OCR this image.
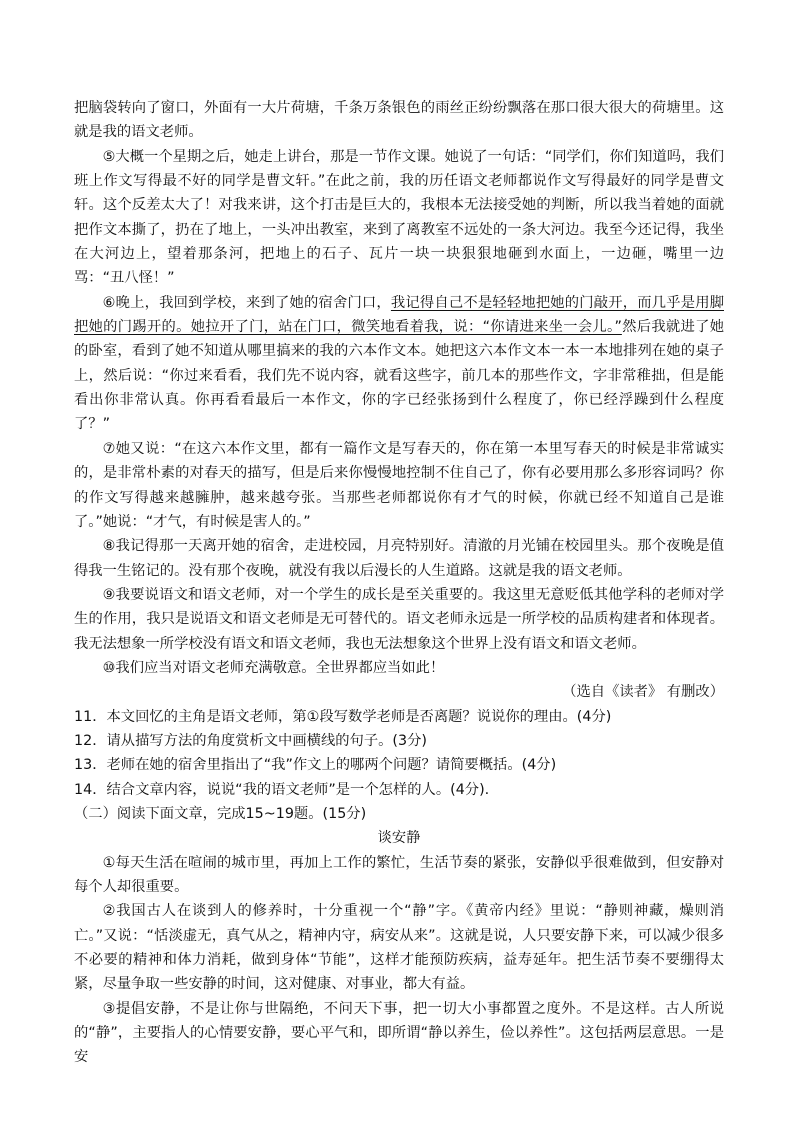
把脑袋转向了窗口，外面有一大片荷塘，千条万条银色的雨丝正纷纷飘落在那口很大很大的荷塘里。这就是我的语文老师。

⑤大概一个星期之后，她走上讲台，那是一节作文课。她说了一句话：“同学们，你们知道吗，我们班上作文写得最不好的同学是曹文轩。”在此之前，我的历任语文老师都说作文写得最好的同学是曹文轩。这个反差太大了！对我来讲，这个打击是巨大的，我根本无法接受她的判断，所以我当着她的面就把作文本撕了，扔在了地上，一头冲出教室，来到了离教室不远处的一条大河边。我至今还记得，我坐在大河边上，望着那条河，把地上的石子、瓦片一块一块狠狠地砸到水面上，一边砸，嘴里一边骂：“丑八怪！”

⑥晚上，我回到学校，来到了她的宿舍门口，我记得自己不是轻轻地把她的门敲开，而几乎是用脚把她的门踢开的。她拉开了门，站在门口，微笑地看着我，说：“你请进来坐一会儿。”然后我就进了她的卧室，看到了她不知道从哪里搞来的我的六本作文本。她把这六本作文本一本一本地排列在她的桌子上，然后说：“你过来看看，我们先不说内容，就看这些字，前几本的那些作文，字非常稚拙，但是能看出你非常认真。你再看看最后一本作文，你的字已经张扬到什么程度了，你已经浮躁到什么程度了？”

⑦她又说：“在这六本作文里，都有一篇作文是写春天的，你在第一本里写春天的时候是非常诚实的，是非常朴素的对春天的描写，但是后来你慢慢地控制不住自己了，你有必要用那么多形容词吗？你的作文写得越来越臃肿，越来越夸张。当那些老师都说你有才气的时候，你就已经不知道自己是谁了。”她说：“才气，有时候是害人的。”

⑧我记得那一天离开她的宿舍，走进校园，月亮特别好。清澈的月光铺在校园里头。那个夜晚是值得我一生铭记的。没有那个夜晚，就没有我以后漫长的人生道路。这就是我的语文老师。

⑨我要说语文和语文老师，对一个学生的成长是至关重要的。我这里无意贬低其他学科的老师对学生的作用，我只是说语文和语文老师是无可替代的。语文老师永远是一所学校的品质构建者和体现者。我无法想象一所学校没有语文和语文老师，我也无法想象这个世界上没有语文和语文老师。

⑩我们应当对语文老师充满敬意。全世界都应当如此！

（选自《读者》 有删改）

11．本文回忆的主角是语文老师，第①段写数学老师是否离题？说说你的理由。(4分)

12．请从描写方法的角度赏析文中画横线的句子。(3分)

13．老师在她的宿舍里指出了“我”作文上的哪两个问题？请简要概括。(4分)

14．结合文章内容，说说“我的语文老师”是一个怎样的人。(4分).

（二）阅读下面文章，完成15~19题。(15分)

谈安静

①每天生活在喧闹的城市里，再加上工作的繁忙，生活节奏的紧张，安静似乎很难做到，但安静对每个人却很重要。

②我国古人在谈到人的修养时，十分重视一个“静”字。《黄帝内经》里说：“静则神藏，燥则消亡。”又说：“恬淡虚无，真气从之，精神内守，病安从来”。这就是说，人只要安静下来，可以减少很多不必要的精神和体力消耗，做到身体“节能”，这样才能预防疾病，益寿延年。把生活节奏不要绷得太紧，尽量争取一些安静的时间，这对健康、对事业，都大有益。

③提倡安静，不是让你与世隔绝，不问天下事，把一切大小事都置之度外。不是这样。古人所说的“静”，主要指人的心情要安静，要心平气和，即所谓“静以养生，俭以养性”。这包括两层意思。一是安
